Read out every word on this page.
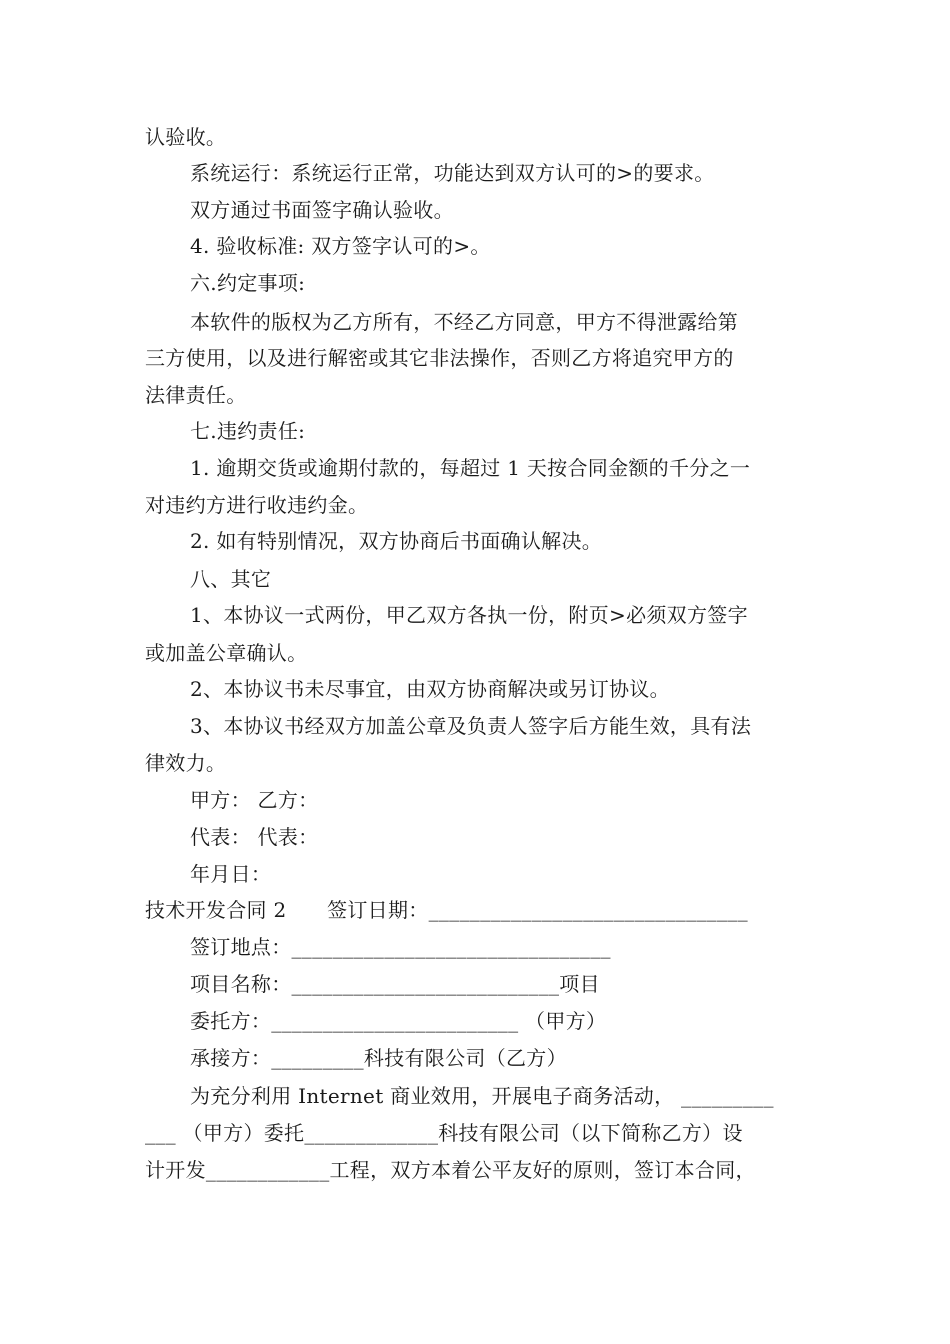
认验收。
系统运行：系统运行正常，功能达到双方认可的>的要求。
双方通过书面签字确认验收。
4. 验收标准: 双方签字认可的>。
六.约定事项:
本软件的版权为乙方所有，不经乙方同意，甲方不得泄露给第
三方使用，以及进行解密或其它非法操作，否则乙方将追究甲方的
法律责任。
七.违约责任:
1. 逾期交货或逾期付款的，每超过 1 天按合同金额的千分之一
对违约方进行收违约金。
2. 如有特别情况，双方协商后书面确认解决。
八、其它
1、本协议一式两份，甲乙双方各执一份，附页>必须双方签字
或加盖公章确认。
2、本协议书未尽事宜，由双方协商解决或另订协议。
3、本协议书经双方加盖公章及负责人签字后方能生效，具有法
律效力。
甲方： 乙方：
代表： 代表：
年月日：
技术开发合同 2　　签订日期：_______________________________
签订地点：_______________________________
项目名称：__________________________项目
委托方：________________________ （甲方）
承接方：_________科技有限公司（乙方）
为充分利用 Internet 商业效用，开展电子商务活动， _________
___ （甲方）委托_____________科技有限公司（以下简称乙方）设
计开发____________工程，双方本着公平友好的原则，签订本合同，
